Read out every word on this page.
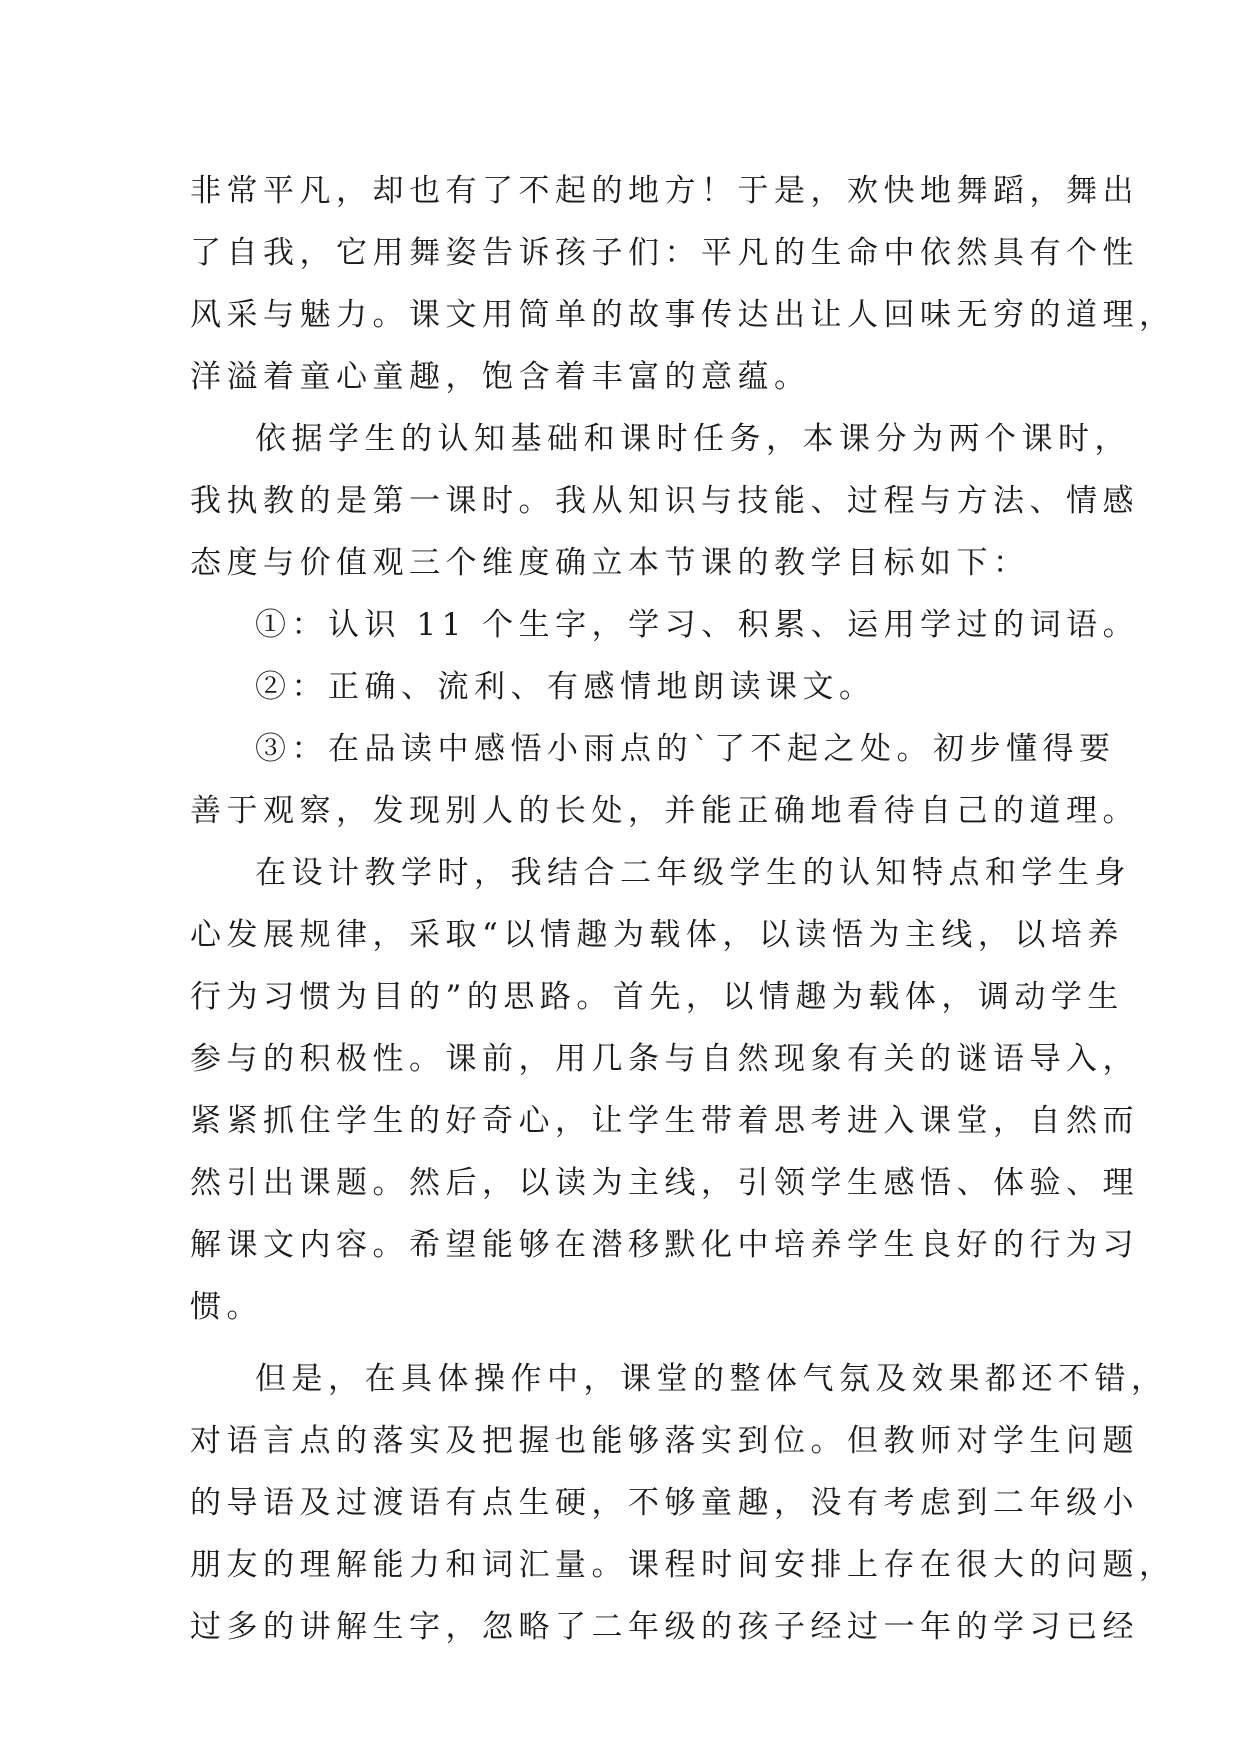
非常平凡，却也有了不起的地方！于是，欢快地舞蹈，舞出
了自我，它用舞姿告诉孩子们：平凡的生命中依然具有个性
风采与魅力。课文用简单的故事传达出让人回味无穷的道理，
洋溢着童心童趣，饱含着丰富的意蕴。
依据学生的认知基础和课时任务，本课分为两个课时，
我执教的是第一课时。我从知识与技能、过程与方法、情感
态度与价值观三个维度确立本节课的教学目标如下：
①：认识 11 个生字，学习、积累、运用学过的词语。
②：正确、流利、有感情地朗读课文。
③：在品读中感悟小雨点的`了不起之处。初步懂得要
善于观察，发现别人的长处，并能正确地看待自己的道理。
在设计教学时，我结合二年级学生的认知特点和学生身
心发展规律，采取“以情趣为载体，以读悟为主线，以培养
行为习惯为目的”的思路。首先，以情趣为载体，调动学生
参与的积极性。课前，用几条与自然现象有关的谜语导入，
紧紧抓住学生的好奇心，让学生带着思考进入课堂，自然而
然引出课题。然后，以读为主线，引领学生感悟、体验、理
解课文内容。希望能够在潜移默化中培养学生良好的行为习
惯。
但是，在具体操作中，课堂的整体气氛及效果都还不错，
对语言点的落实及把握也能够落实到位。但教师对学生问题
的导语及过渡语有点生硬，不够童趣，没有考虑到二年级小
朋友的理解能力和词汇量。课程时间安排上存在很大的问题，
过多的讲解生字，忽略了二年级的孩子经过一年的学习已经
